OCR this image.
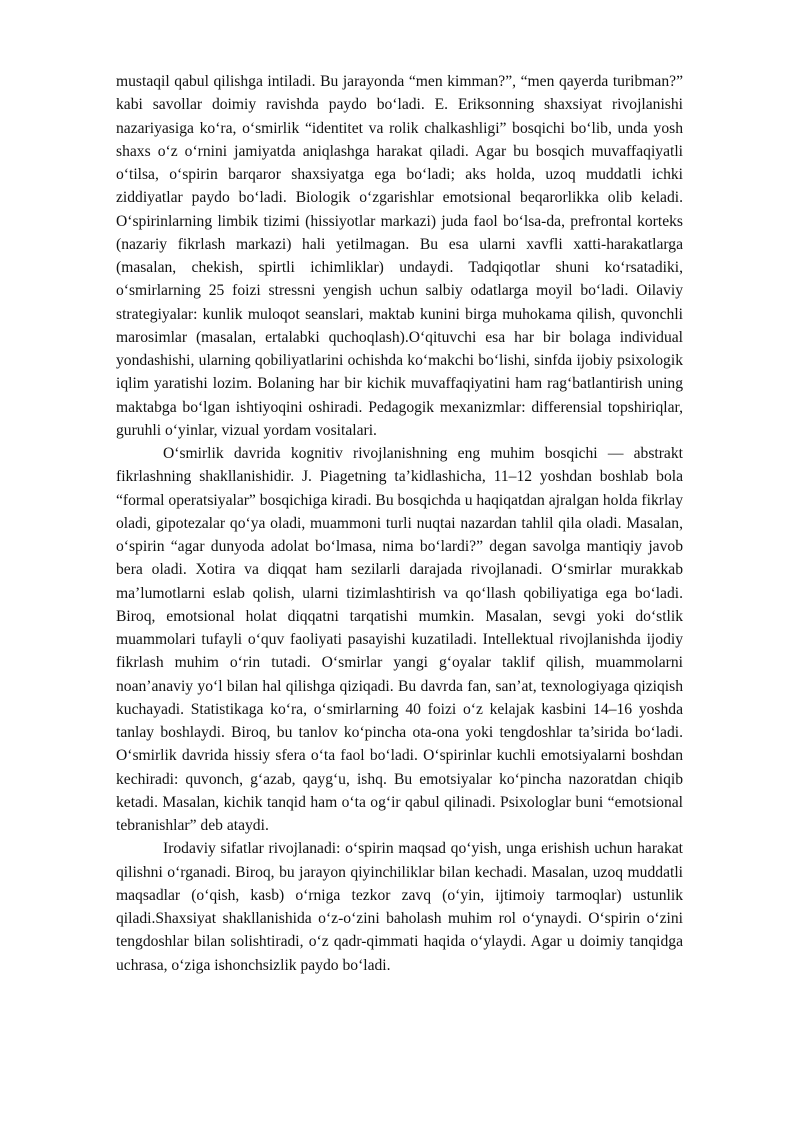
mustaqil qabul qilishga intiladi. Bu jarayonda “men kimman?”, “men qayerda turibman?” kabi savollar doimiy ravishda paydo bo‘ladi. E. Eriksonning shaxsiyat rivojlanishi nazariyasiga ko‘ra, o‘smirlik “identitet va rolik chalkashligi” bosqichi bo‘lib, unda yosh shaxs o‘z o‘rnini jamiyatda aniqlashga harakat qiladi. Agar bu bosqich muvaffaqiyatli o‘tilsa, o‘spirin barqaror shaxsiyatga ega bo‘ladi; aks holda, uzoq muddatli ichki ziddiyatlar paydo bo‘ladi. Biologik o‘zgarishlar emotsional beqarorlikka olib keladi. O‘spirinlarning limbik tizimi (hissiyotlar markazi) juda faol bo‘lsa-da, prefrontal korteks (nazariy fikrlash markazi) hali yetilmagan. Bu esa ularni xavfli xatti-harakatlarga (masalan, chekish, spirtli ichimliklar) undaydi. Tadqiqotlar shuni ko‘rsatadiki, o‘smirlarning 25 foizi stressni yengish uchun salbiy odatlarga moyil bo‘ladi. Oilaviy strategiyalar: kunlik muloqot seanslari, maktab kunini birga muhokama qilish, quvonchli marosimlar (masalan, ertalabki quchoqlash).O‘qituvchi esa har bir bolaga individual yondashishi, ularning qobiliyatlarini ochishda ko‘makchi bo‘lishi, sinfda ijobiy psixologik iqlim yaratishi lozim. Bolaning har bir kichik muvaffaqiyatini ham rag‘batlantirish uning maktabga bo‘lgan ishtiyoqini oshiradi. Pedagogik mexanizmlar: differensial topshiriqlar, guruhli o‘yinlar, vizual yordam vositalari.

O‘smirlik davrida kognitiv rivojlanishning eng muhim bosqichi — abstrakt fikrlashning shakllanishidir. J. Piagetning ta’kidlashicha, 11–12 yoshdan boshlab bola “formal operatsiyalar” bosqichiga kiradi. Bu bosqichda u haqiqatdan ajralgan holda fikrlay oladi, gipotezalar qo‘ya oladi, muammoni turli nuqtai nazardan tahlil qila oladi. Masalan, o‘spirin “agar dunyoda adolat bo‘lmasa, nima bo‘lardi?” degan savolga mantiqiy javob bera oladi. Xotira va diqqat ham sezilarli darajada rivojlanadi. O‘smirlar murakkab ma’lumotlarni eslab qolish, ularni tizimlashtirish va qo‘llash qobiliyatiga ega bo‘ladi. Biroq, emotsional holat diqqatni tarqatishi mumkin. Masalan, sevgi yoki do‘stlik muammolari tufayli o‘quv faoliyati pasayishi kuzatiladi. Intellektual rivojlanishda ijodiy fikrlash muhim o‘rin tutadi. O‘smirlar yangi g‘oyalar taklif qilish, muammolarni noan’anaviy yo‘l bilan hal qilishga qiziqadi. Bu davrda fan, san’at, texnologiyaga qiziqish kuchayadi. Statistikaga ko‘ra, o‘smirlarning 40 foizi o‘z kelajak kasbini 14–16 yoshda tanlay boshlaydi. Biroq, bu tanlov ko‘pincha ota-ona yoki tengdoshlar ta’sirida bo‘ladi. O‘smirlik davrida hissiy sfera o‘ta faol bo‘ladi. O‘spirinlar kuchli emotsiyalarni boshdan kechiradi: quvonch, g‘azab, qayg‘u, ishq. Bu emotsiyalar ko‘pincha nazoratdan chiqib ketadi. Masalan, kichik tanqid ham o‘ta og‘ir qabul qilinadi. Psixologlar buni “emotsional tebranishlar” deb ataydi.

Irodaviy sifatlar rivojlanadi: o‘spirin maqsad qo‘yish, unga erishish uchun harakat qilishni o‘rganadi. Biroq, bu jarayon qiyinchiliklar bilan kechadi. Masalan, uzoq muddatli maqsadlar (o‘qish, kasb) o‘rniga tezkor zavq (o‘yin, ijtimoiy tarmoqlar) ustunlik qiladi.Shaxsiyat shakllanishida o‘z-o‘zini baholash muhim rol o‘ynaydi. O‘spirin o‘zini tengdoshlar bilan solishtiradi, o‘z qadr-qimmati haqida o‘ylaydi. Agar u doimiy tanqidga uchrasa, o‘ziga ishonchsizlik paydo bo‘ladi.
